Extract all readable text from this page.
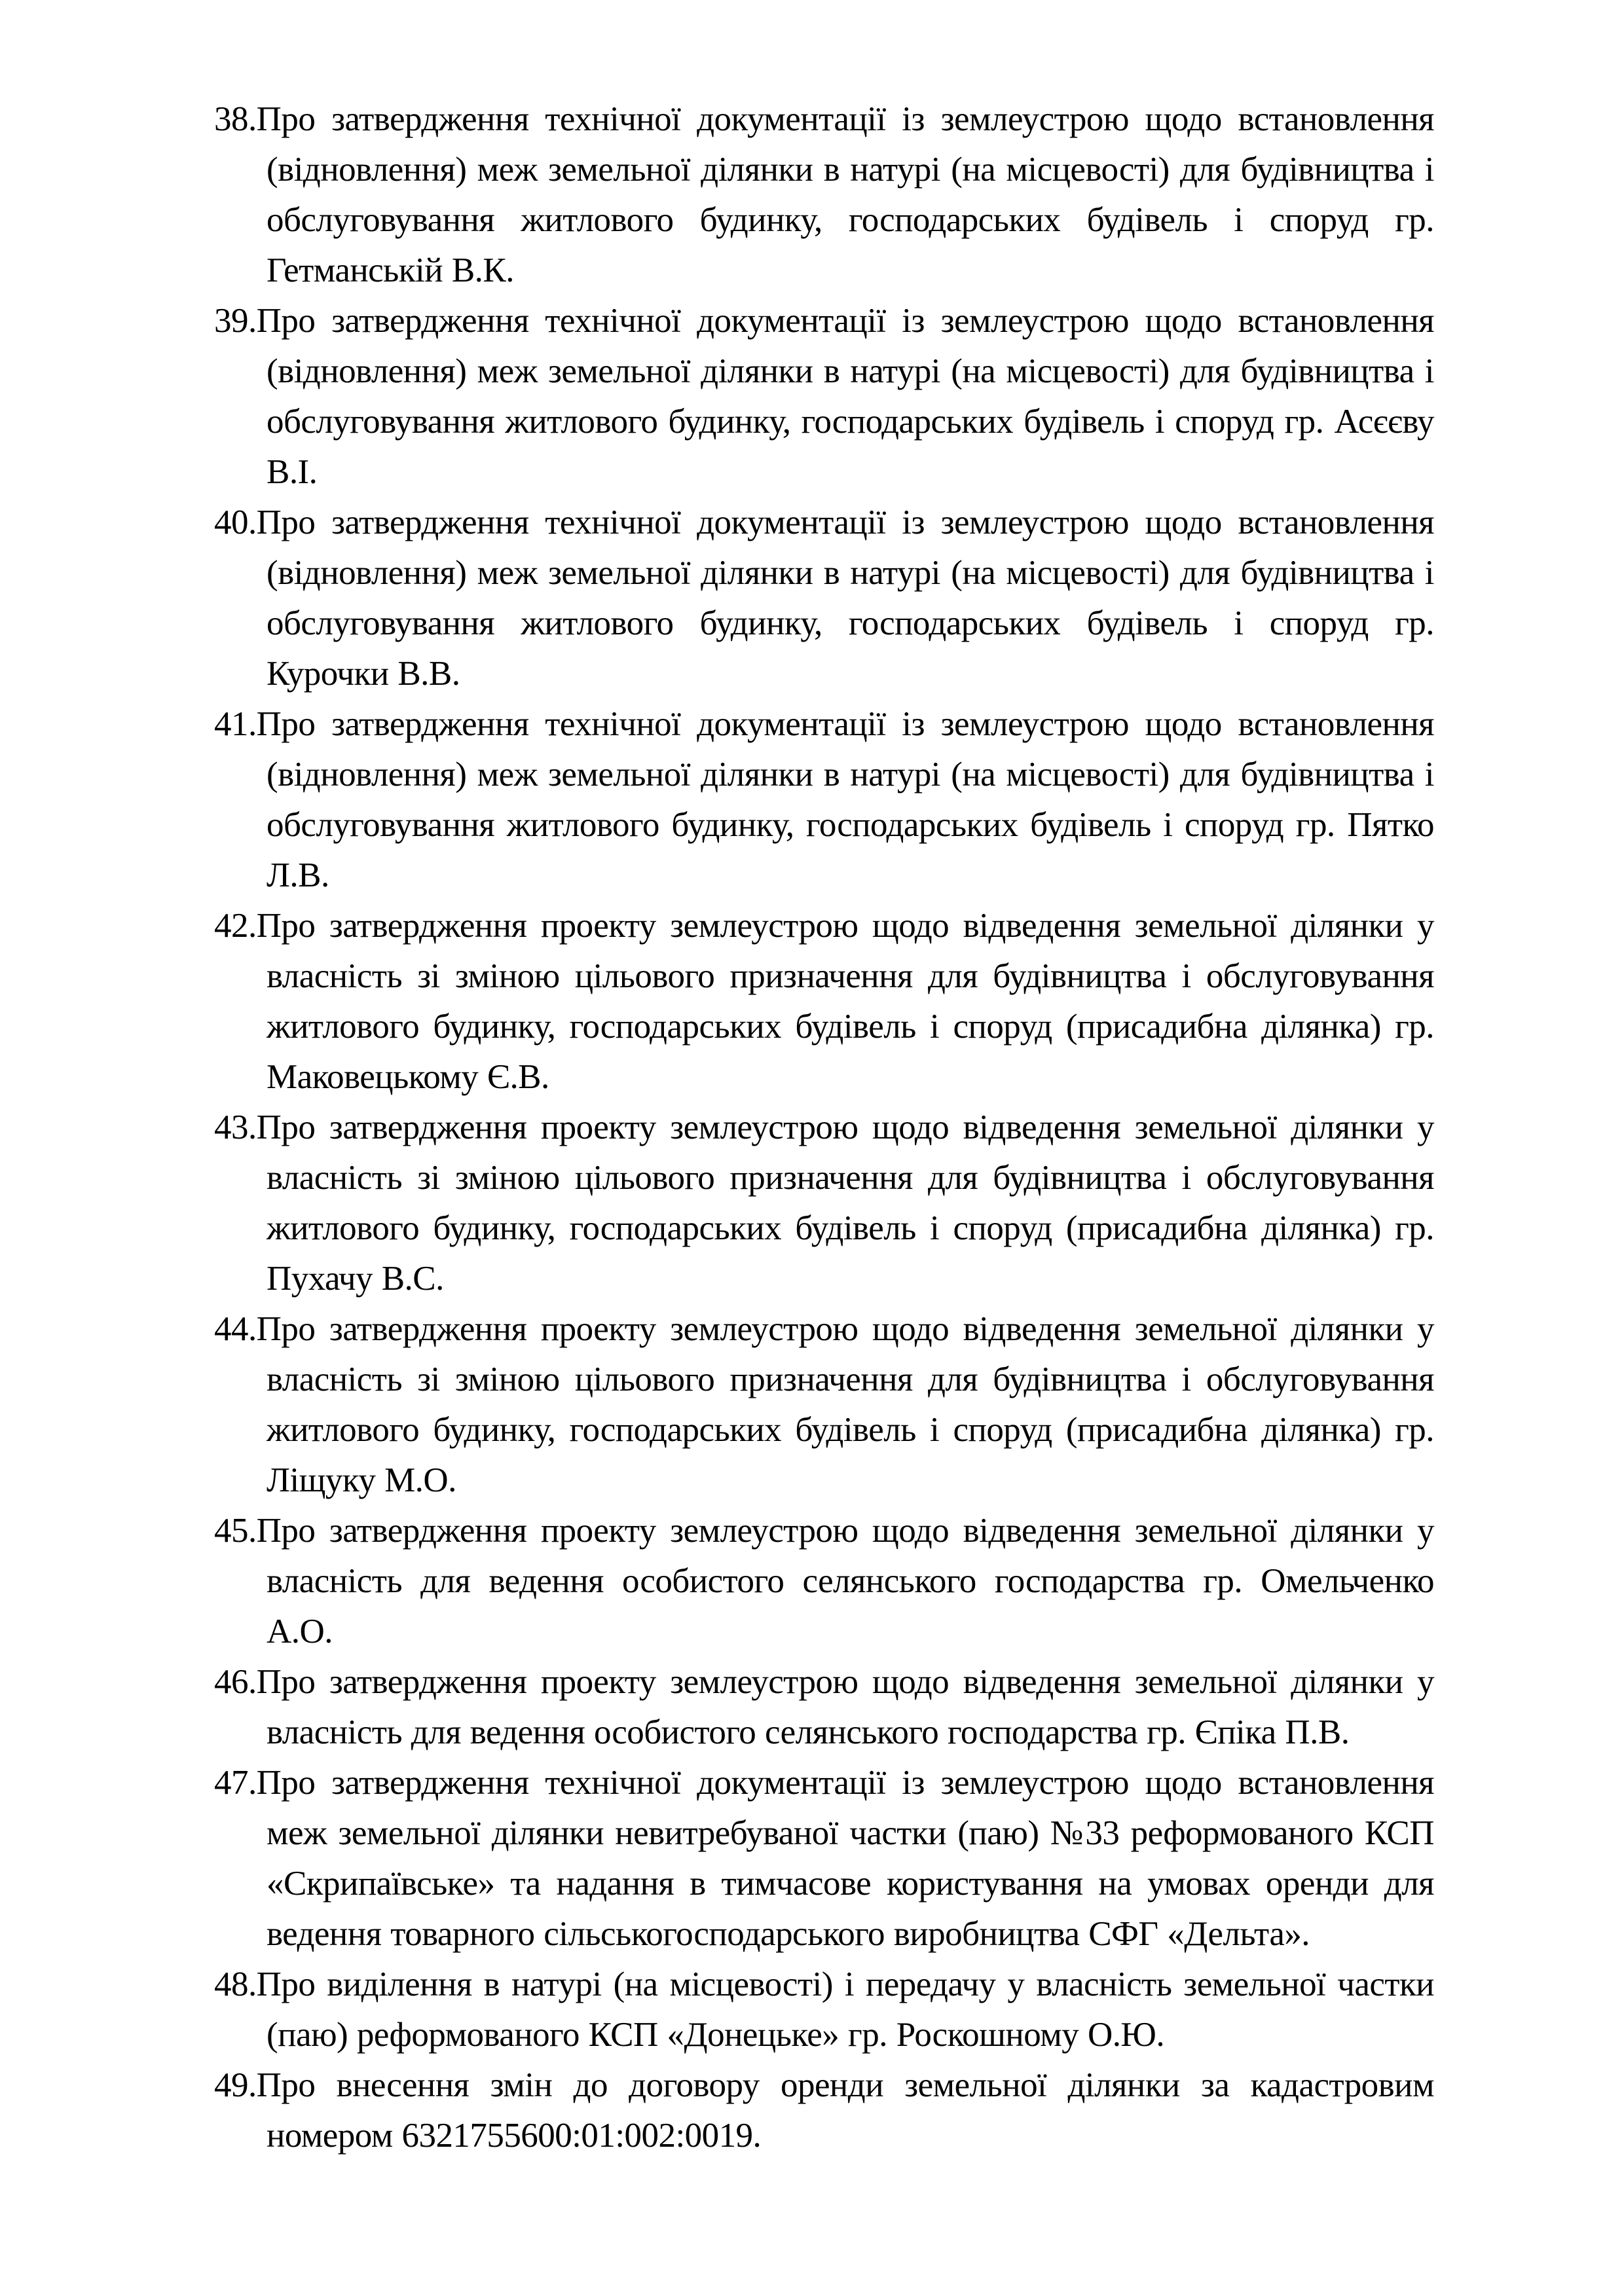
38.Про затвердження технічної документації із землеустрою щодо встановлення (відновлення) меж земельної ділянки в натурі (на місцевості) для будівництва і обслуговування житлового будинку, господарських будівель і споруд гр. Гетманській В.К.
39.Про затвердження технічної документації із землеустрою щодо встановлення (відновлення) меж земельної ділянки в натурі (на місцевості) для будівництва і обслуговування житлового будинку, господарських будівель і споруд гр. Асєєву В.І.
40.Про затвердження технічної документації із землеустрою щодо встановлення (відновлення) меж земельної ділянки в натурі (на місцевості) для будівництва і обслуговування житлового будинку, господарських будівель і споруд гр. Курочки В.В.
41.Про затвердження технічної документації із землеустрою щодо встановлення (відновлення) меж земельної ділянки в натурі (на місцевості) для будівництва і обслуговування житлового будинку, господарських будівель і споруд гр. Пятко Л.В.
42.Про затвердження проекту землеустрою щодо відведення земельної ділянки у власність зі зміною цільового призначення для будівництва і обслуговування житлового будинку, господарських будівель і споруд (присадибна ділянка) гр. Маковецькому Є.В.
43.Про затвердження проекту землеустрою щодо відведення земельної ділянки у власність зі зміною цільового призначення для будівництва і обслуговування житлового будинку, господарських будівель і споруд (присадибна ділянка) гр. Пухачу В.С.
44.Про затвердження проекту землеустрою щодо відведення земельної ділянки у власність зі зміною цільового призначення для будівництва і обслуговування житлового будинку, господарських будівель і споруд (присадибна ділянка) гр. Ліщуку М.О.
45.Про затвердження проекту землеустрою щодо відведення земельної ділянки у власність для ведення особистого селянського господарства гр. Омельченко А.О.
46.Про затвердження проекту землеустрою щодо відведення земельної ділянки у власність для ведення особистого селянського господарства гр. Єпіка П.В.
47.Про затвердження технічної документації із землеустрою щодо встановлення меж земельної ділянки невитребуваної частки (паю) №33 реформованого КСП «Скрипаївське» та надання в тимчасове користування на умовах оренди для ведення товарного сільськогосподарського виробництва СФГ «Дельта».
48.Про виділення в натурі (на місцевості) і передачу у власність земельної частки (паю) реформованого КСП «Донецьке» гр. Роскошному О.Ю.
49.Про внесення змін до договору оренди земельної ділянки за кадастровим номером 6321755600:01:002:0019.
